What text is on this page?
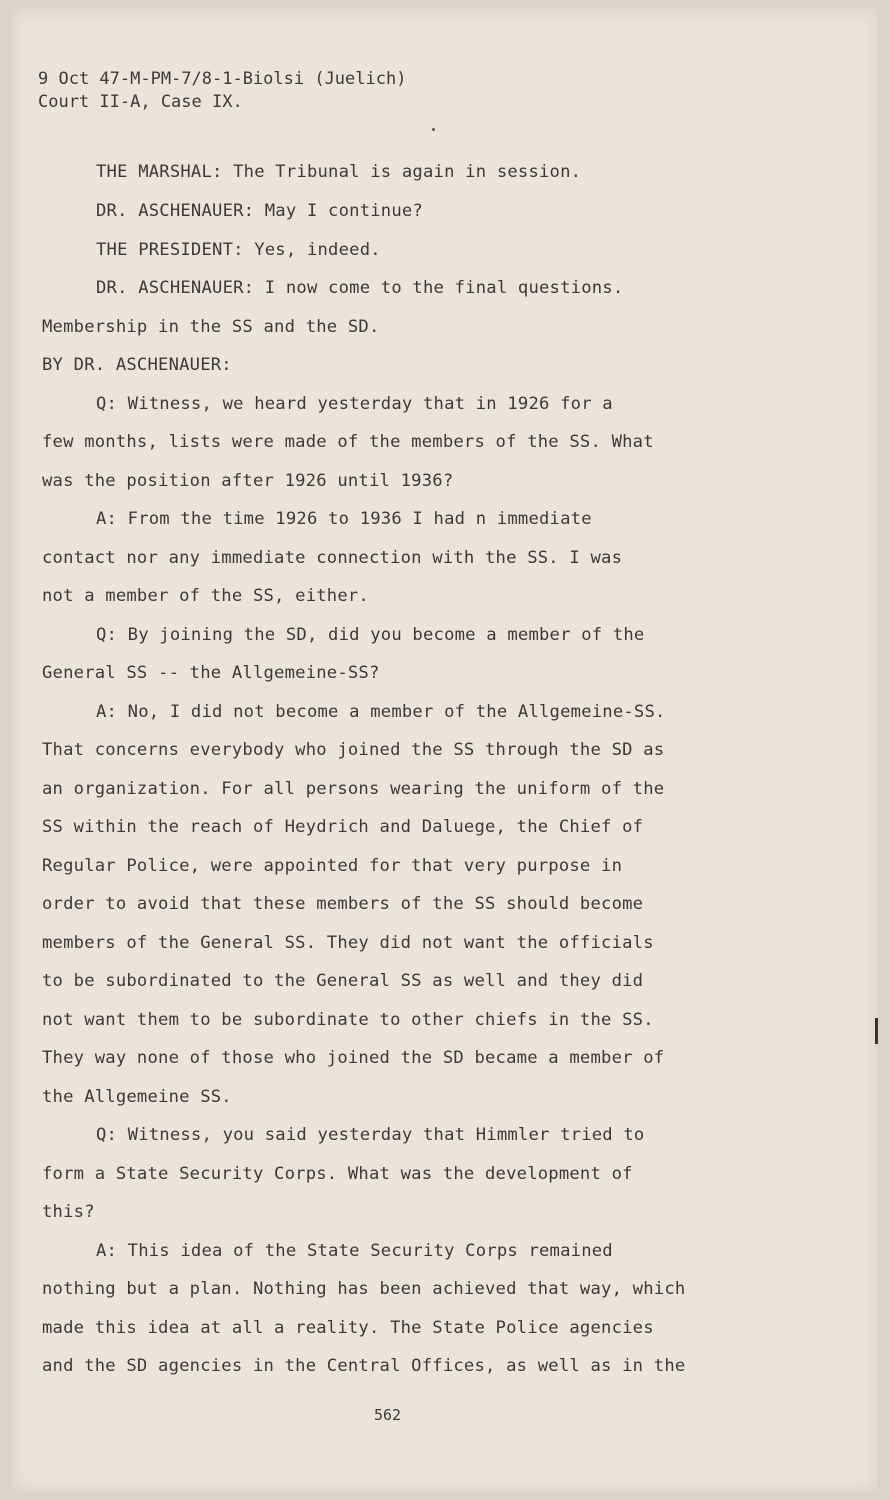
9 Oct 47-M-PM-7/8-1-Biolsi (Juelich)
Court II-A, Case IX.
THE MARSHAL: The Tribunal is again in session.
DR. ASCHENAUER: May I continue?
THE PRESIDENT: Yes, indeed.
DR. ASCHENAUER: I now come to the final questions.
Membership in the SS and the SD.
BY DR. ASCHENAUER:
Q: Witness, we heard yesterday that in 1926 for a
few months, lists were made of the members of the SS. What
was the position after 1926 until 1936?
A: From the time 1926 to 1936 I had n immediate
contact nor any immediate connection with the SS. I was
not a member of the SS, either.
Q: By joining the SD, did you become a member of the
General SS -- the Allgemeine-SS?
A: No, I did not become a member of the Allgemeine-SS.
That concerns everybody who joined the SS through the SD as
an organization. For all persons wearing the uniform of the
SS within the reach of Heydrich and Daluege, the Chief of
Regular Police, were appointed for that very purpose in
order to avoid that these members of the SS should become
members of the General SS. They did not want the officials
to be subordinated to the General SS as well and they did
not want them to be subordinate to other chiefs in the SS.
They way none of those who joined the SD became a member of
the Allgemeine SS.
Q: Witness, you said yesterday that Himmler tried to
form a State Security Corps. What was the development of
this?
A: This idea of the State Security Corps remained
nothing but a plan. Nothing has been achieved that way, which
made this idea at all a reality. The State Police agencies
and the SD agencies in the Central Offices, as well as in the
562
